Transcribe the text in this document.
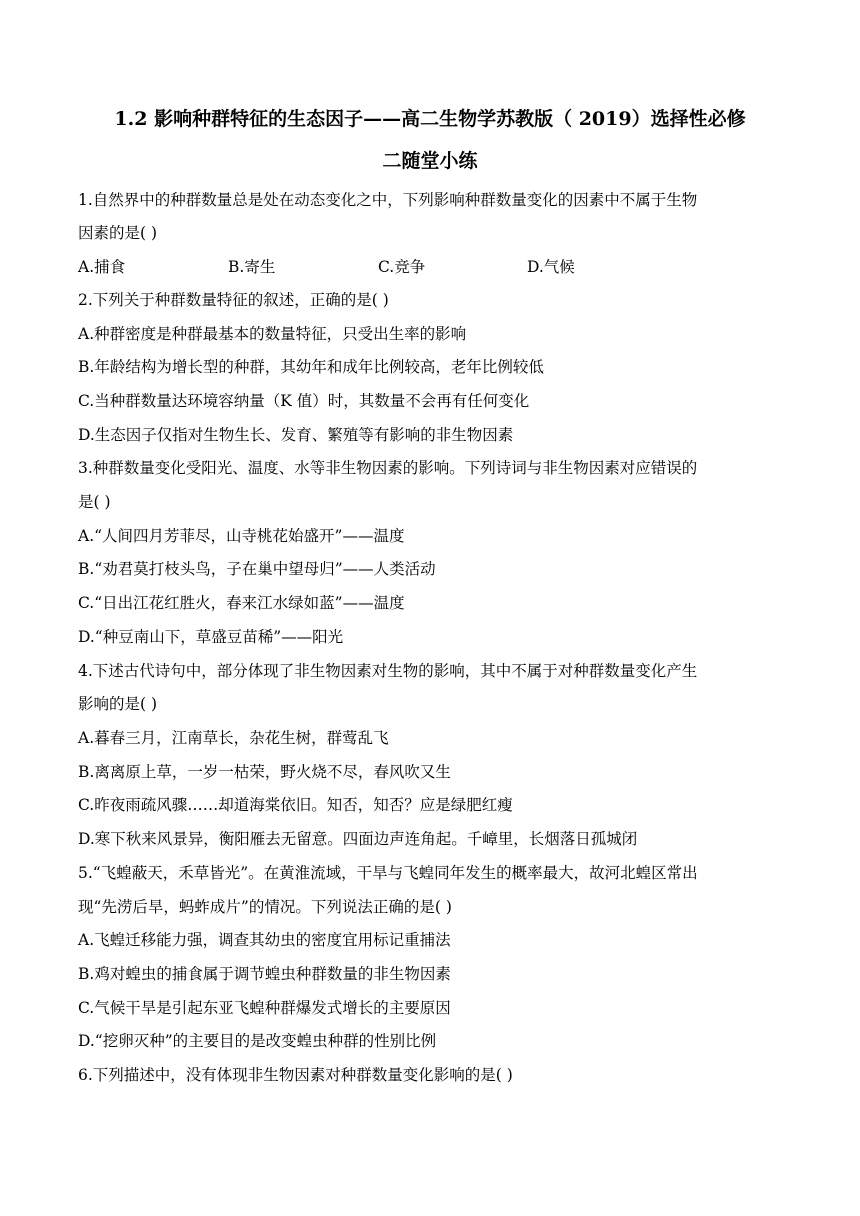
1.2 影响种群特征的生态因子——高二生物学苏教版（ 2019）选择性必修
二随堂小练
1.自然界中的种群数量总是处在动态变化之中，下列影响种群数量变化的因素中不属于生物
因素的是( )
A.捕食	B.寄生	C.竞争	D.气候
2.下列关于种群数量特征的叙述，正确的是( )
A.种群密度是种群最基本的数量特征，只受出生率的影响
B.年龄结构为增长型的种群，其幼年和成年比例较高，老年比例较低
C.当种群数量达环境容纳量（K 值）时，其数量不会再有任何变化
D.生态因子仅指对生物生长、发育、繁殖等有影响的非生物因素
3.种群数量变化受阳光、温度、水等非生物因素的影响。下列诗词与非生物因素对应错误的
是( )
A.“人间四月芳菲尽，山寺桃花始盛开”——温度
B.“劝君莫打枝头鸟，子在巢中望母归”——人类活动
C.“日出江花红胜火，春来江水绿如蓝”——温度
D.“种豆南山下，草盛豆苗稀”——阳光
4.下述古代诗句中，部分体现了非生物因素对生物的影响，其中不属于对种群数量变化产生
影响的是( )
A.暮春三月，江南草长，杂花生树，群莺乱飞
B.离离原上草，一岁一枯荣，野火烧不尽，春风吹又生
C.昨夜雨疏风骤……却道海棠依旧。知否，知否？应是绿肥红瘦
D.寒下秋来风景异，衡阳雁去无留意。四面边声连角起。千嶂里，长烟落日孤城闭
5.“飞蝗蔽天，禾草皆光”。在黄淮流域，干旱与飞蝗同年发生的概率最大，故河北蝗区常出
现“先涝后旱，蚂蚱成片”的情况。下列说法正确的是( )
A.飞蝗迁移能力强，调查其幼虫的密度宜用标记重捕法
B.鸡对蝗虫的捕食属于调节蝗虫种群数量的非生物因素
C.气候干旱是引起东亚飞蝗种群爆发式增长的主要原因
D.“挖卵灭种”的主要目的是改变蝗虫种群的性别比例
6.下列描述中，没有体现非生物因素对种群数量变化影响的是( )
